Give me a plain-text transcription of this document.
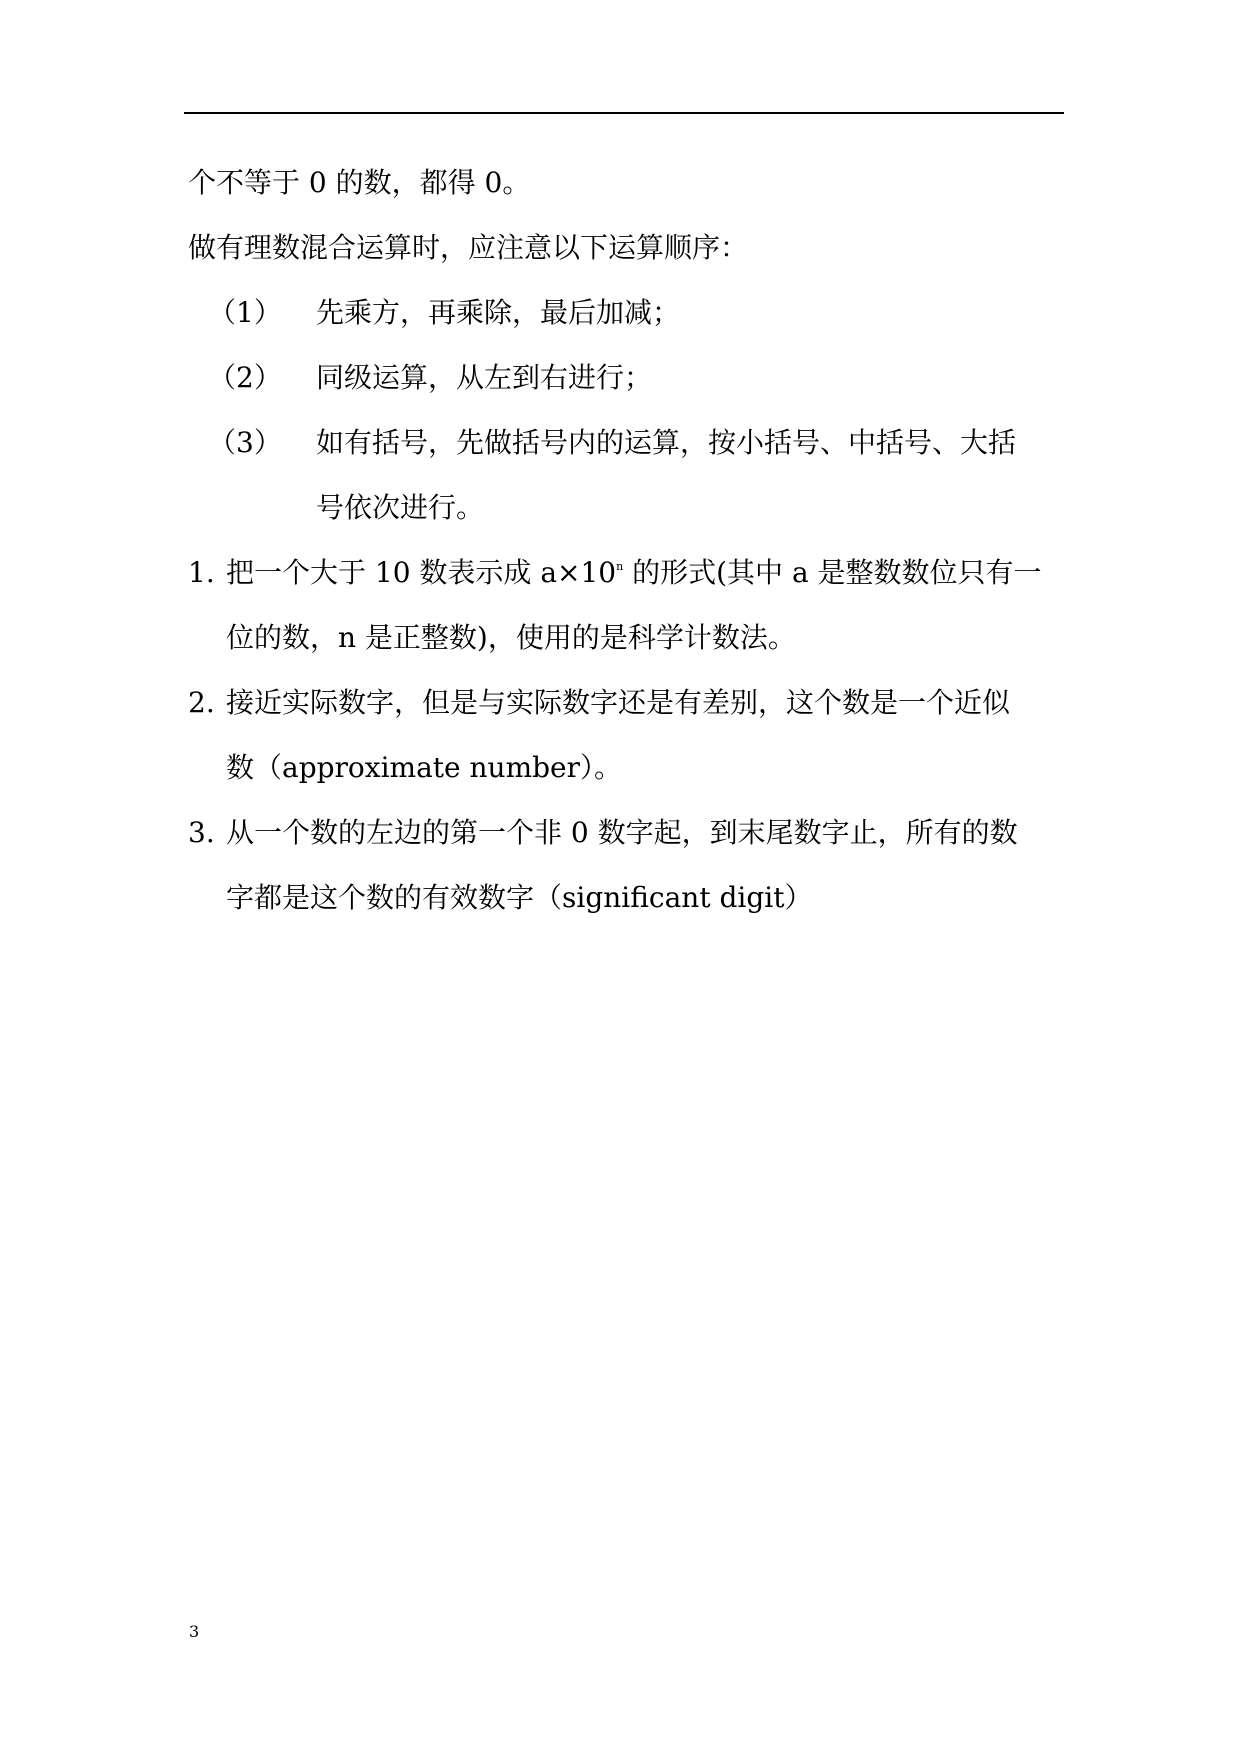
个不等于 0 的数，都得 0。
做有理数混合运算时，应注意以下运算顺序：
（1） 先乘方，再乘除，最后加减；
（2） 同级运算，从左到右进行；
（3） 如有括号，先做括号内的运算，按小括号、中括号、大括
号依次进行。
1. 把一个大于 10 数表示成 $a\times 10^n$ 的形式(其中 a 是整数数位只有一
位的数，n 是正整数)，使用的是科学计数法。
2. 接近实际数字，但是与实际数字还是有差别，这个数是一个近似
数（approximate number）。
3. 从一个数的左边的第一个非 0 数字起，到末尾数字止，所有的数
字都是这个数的有效数字（significant digit）
3
